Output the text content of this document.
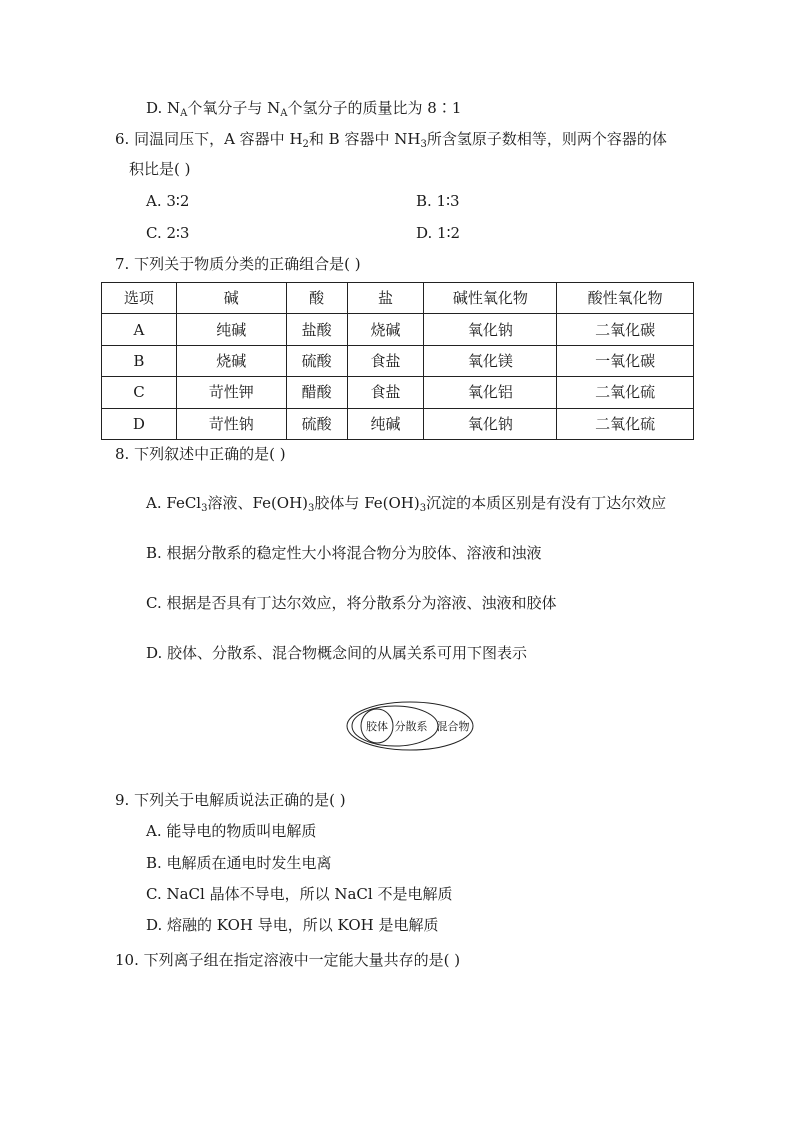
D. $N_A$个氧分子与 $N_A$个氢分子的质量比为 8∶1
6. 同温同压下，A 容器中 $H_2$和 B 容器中 $NH_3$所含氢原子数相等，则两个容器的体
积比是( )
A. 3∶2	B. 1∶3
C. 2∶3	D. 1∶2
7. 下列关于物质分类的正确组合是( )
选项	碱	酸	盐	碱性氧化物	酸性氧化物
A	纯碱	盐酸	烧碱	氧化钠	二氧化碳
B	烧碱	硫酸	食盐	氧化镁	一氧化碳
C	苛性钾	醋酸	食盐	氧化铝	二氧化硫
D	苛性钠	硫酸	纯碱	氧化钠	二氧化硫
8. 下列叙述中正确的是( )
A. FeCl$_3$溶液、$Fe(OH)_3$胶体与 $Fe(OH)_3$沉淀的本质区别是有没有丁达尔效应
B. 根据分散系的稳定性大小将混合物分为胶体、溶液和浊液
C. 根据是否具有丁达尔效应，将分散系分为溶液、浊液和胶体
D. 胶体、分散系、混合物概念间的从属关系可用下图表示
胶体 分散系 混合物
9. 下列关于电解质说法正确的是( )
A. 能导电的物质叫电解质
B. 电解质在通电时发生电离
C. NaCl 晶体不导电，所以 NaCl 不是电解质
D. 熔融的 KOH 导电，所以 KOH 是电解质
10. 下列离子组在指定溶液中一定能大量共存的是( )
